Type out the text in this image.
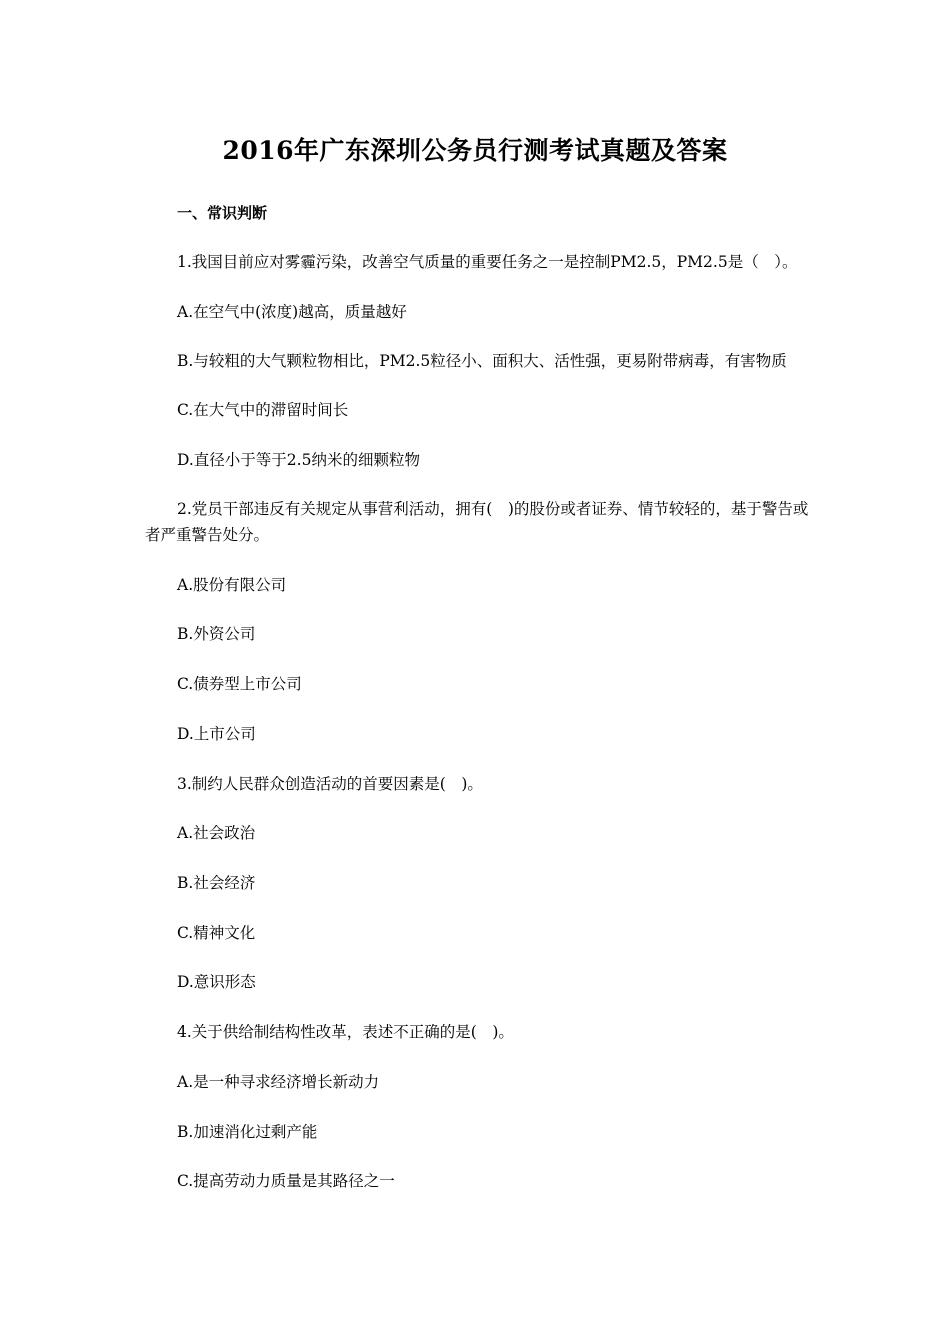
2016年广东深圳公务员行测考试真题及答案
一、常识判断
1.我国目前应对雾霾污染，改善空气质量的重要任务之一是控制PM2.5，PM2.5是（　）。
A.在空气中(浓度)越高，质量越好
B.与较粗的大气颗粒物相比，PM2.5粒径小、面积大、活性强，更易附带病毒，有害物质
C.在大气中的滞留时间长
D.直径小于等于2.5纳米的细颗粒物
2.党员干部违反有关规定从事营利活动，拥有(　)的股份或者证券、情节较轻的，基于警告或者严重警告处分。
A.股份有限公司
B.外资公司
C.债券型上市公司
D.上市公司
3.制约人民群众创造活动的首要因素是(　)。
A.社会政治
B.社会经济
C.精神文化
D.意识形态
4.关于供给制结构性改革，表述不正确的是(　)。
A.是一种寻求经济增长新动力
B.加速消化过剩产能
C.提高劳动力质量是其路径之一
